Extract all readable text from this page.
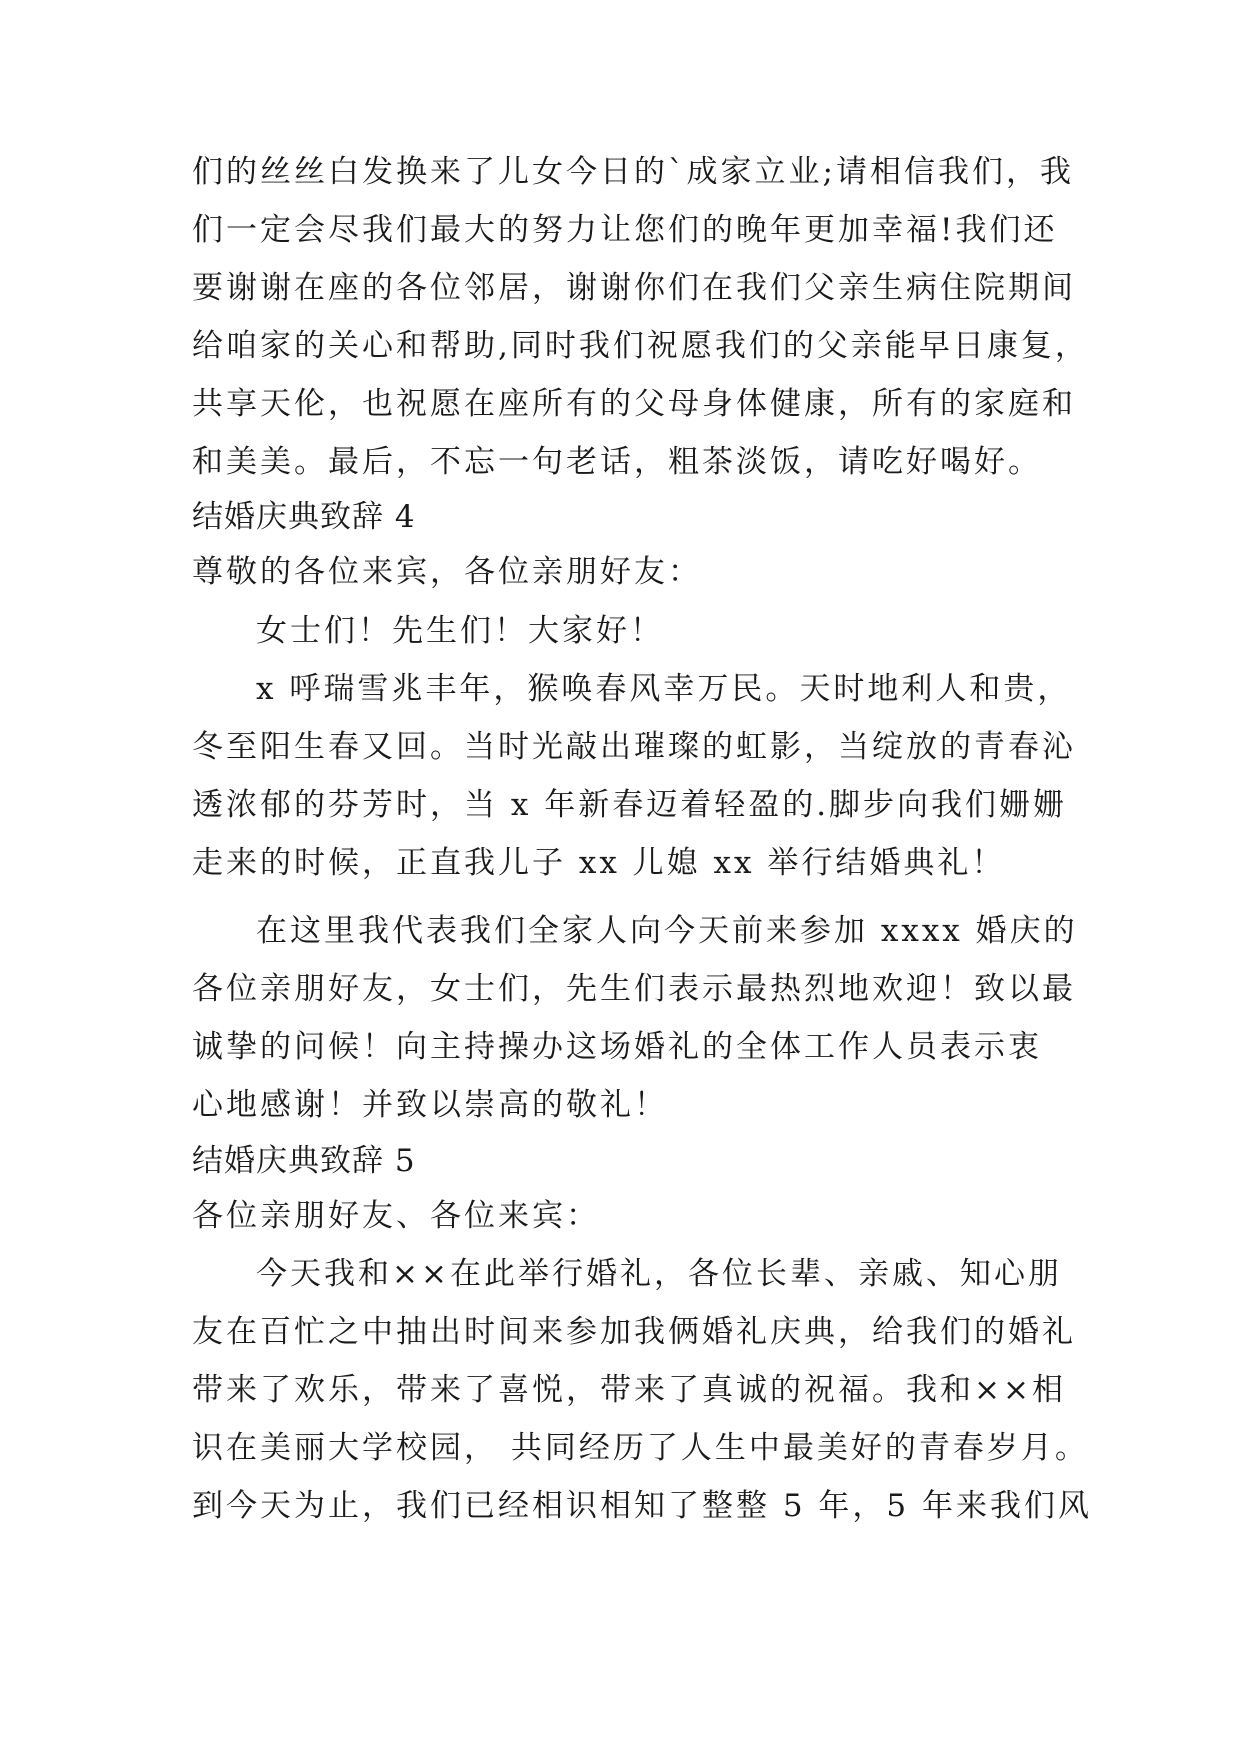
们的丝丝白发换来了儿女今日的`成家立业;请相信我们，我
们一定会尽我们最大的努力让您们的晚年更加幸福!我们还
要谢谢在座的各位邻居，谢谢你们在我们父亲生病住院期间
给咱家的关心和帮助,同时我们祝愿我们的父亲能早日康复，
共享天伦，也祝愿在座所有的父母身体健康，所有的家庭和
和美美。最后，不忘一句老话，粗茶淡饭，请吃好喝好。
结婚庆典致辞 4
尊敬的各位来宾，各位亲朋好友：
女士们！先生们！大家好！
x 呼瑞雪兆丰年，猴唤春风幸万民。天时地利人和贵，
冬至阳生春又回。当时光敲出璀璨的虹影，当绽放的青春沁
透浓郁的芬芳时，当 x 年新春迈着轻盈的.脚步向我们姗姗
走来的时候，正直我儿子 xx 儿媳 xx 举行结婚典礼！
在这里我代表我们全家人向今天前来参加 xxxx 婚庆的
各位亲朋好友，女士们，先生们表示最热烈地欢迎！致以最
诚挚的问候！向主持操办这场婚礼的全体工作人员表示衷
心地感谢！并致以崇高的敬礼！
结婚庆典致辞 5
各位亲朋好友、各位来宾：
今天我和××在此举行婚礼，各位长辈、亲戚、知心朋
友在百忙之中抽出时间来参加我俩婚礼庆典，给我们的婚礼
带来了欢乐，带来了喜悦，带来了真诚的祝福。我和××相
识在美丽大学校园， 共同经历了人生中最美好的青春岁月。
到今天为止，我们已经相识相知了整整 5 年，5 年来我们风
